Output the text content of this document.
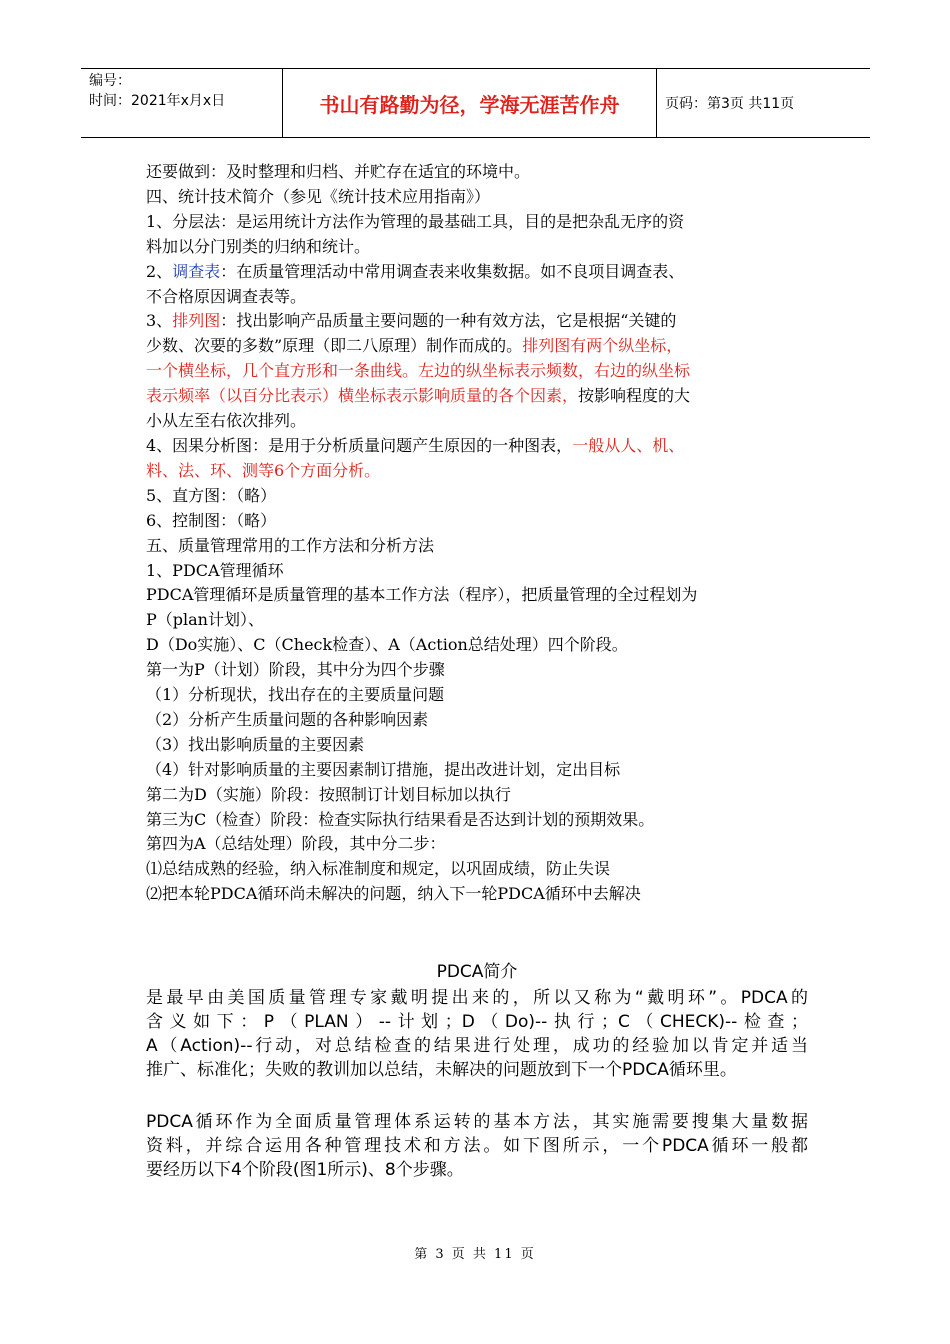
编号：
时间：2021年x月x日	书山有路勤为径，学海无涯苦作舟	页码：第3页 共11页

还要做到：及时整理和归档、并贮存在适宜的环境中。

四、统计技术简介（参见《统计技术应用指南》）

1、分层法：是运用统计方法作为管理的最基础工具，目的是把杂乱无序的资

料加以分门别类的归纳和统计。

2、调查表：在质量管理活动中常用调查表来收集数据。如不良项目调查表、

不合格原因调查表等。

3、排列图：找出影响产品质量主要问题的一种有效方法，它是根据“关键的

少数、次要的多数”原理（即二八原理）制作而成的。排列图有两个纵坐标，

一个横坐标，几个直方形和一条曲线。左边的纵坐标表示频数，右边的纵坐标

表示频率（以百分比表示）横坐标表示影响质量的各个因素，按影响程度的大

小从左至右依次排列。

4、因果分析图：是用于分析质量问题产生原因的一种图表，一般从人、机、

料、法、环、测等6个方面分析。

5、直方图：（略）

6、控制图：（略）

五、质量管理常用的工作方法和分析方法

1、PDCA管理循环

PDCA管理循环是质量管理的基本工作方法（程序），把质量管理的全过程划为

P（plan计划）、

D（Do实施）、C（Check检查）、A（Action总结处理）四个阶段。

第一为P（计划）阶段，其中分为四个步骤

（1）分析现状，找出存在的主要质量问题

（2）分析产生质量问题的各种影响因素

（3）找出影响质量的主要因素

（4）针对影响质量的主要因素制订措施，提出改进计划，定出目标

第二为D（实施）阶段：按照制订计划目标加以执行

第三为C（检查）阶段：检查实际执行结果看是否达到计划的预期效果。

第四为A（总结处理）阶段，其中分二步：

⑴总结成熟的经验，纳入标准制度和规定，以巩固成绩，防止失误

⑵把本轮PDCA循环尚未解决的问题，纳入下一轮PDCA循环中去解决

PDCA简介

是最早由美国质量管理专家戴明提出来的，所以又称为“戴明环”。PDCA的

含义如下：P（PLAN）--计划；D（Do)--执行；C（CHECK)--检查；

A（Action)--行动，对总结检查的结果进行处理，成功的经验加以肯定并适当

推广、标准化；失败的教训加以总结，未解决的问题放到下一个PDCA循环里。

PDCA循环作为全面质量管理体系运转的基本方法，其实施需要搜集大量数据

资料，并综合运用各种管理技术和方法。如下图所示，一个PDCA循环一般都

要经历以下4个阶段(图1所示)、8个步骤。

第 3 页 共 11 页
